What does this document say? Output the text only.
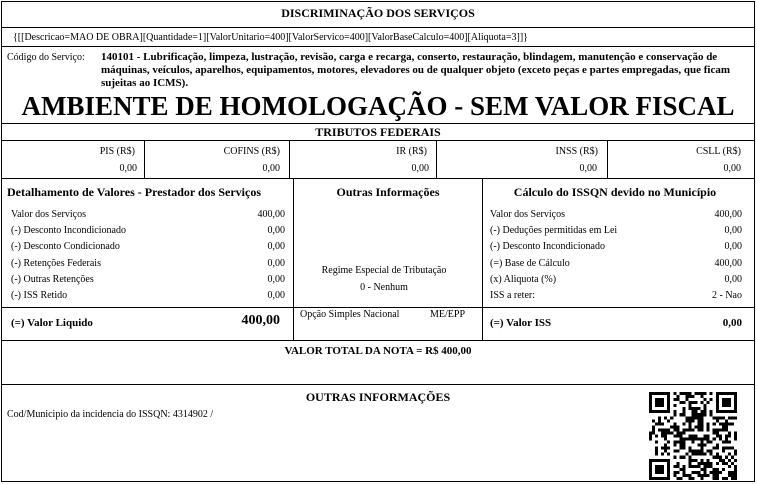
DISCRIMINAÇÃO DOS SERVIÇOS
{[[Descricao=MAO DE OBRA][Quantidade=1][ValorUnitario=400][ValorServico=400][ValorBaseCalculo=400][Aliquota=3]]}
Código do Serviço: 140101 - Lubrificação, limpeza, lustração, revisão, carga e recarga, conserto, restauração, blindagem, manutenção e conservação de máquinas, veículos, aparelhos, equipamentos, motores, elevadores ou de qualquer objeto (exceto peças e partes empregadas, que ficam sujeitas ao ICMS).
AMBIENTE DE HOMOLOGAÇÃO - SEM VALOR FISCAL
TRIBUTOS FEDERAIS
PIS (R$)
0,00
COFINS (R$)
0,00
IR (R$)
0,00
INSS (R$)
0,00
CSLL (R$)
0,00
Detalhamento de Valores - Prestador dos Serviços
Valor dos Serviços	400,00
(-) Desconto Incondicionado	0,00
(-) Desconto Condicionado	0,00
(-) Retenções Federais	0,00
(-) Outras Retenções	0,00
(-) ISS Retido	0,00
(=) Valor Liquido	400,00
Outras Informações
Regime Especial de Tributação
0 - Nenhum
Opção Simples Nacional	ME/EPP
Cálculo do ISSQN devido no Município
Valor dos Serviços	400,00
(-) Deduções permitidas em Lei	0,00
(-) Desconto Incondicionado	0,00
(=) Base de Cálculo	400,00
(x) Aliquota (%)	0,00
ISS a reter:	2 - Nao
(=) Valor ISS	0,00
VALOR TOTAL DA NOTA = R$ 400,00
OUTRAS INFORMAÇÕES
Cod/Municipio da incidencia do ISSQN: 4314902 /
